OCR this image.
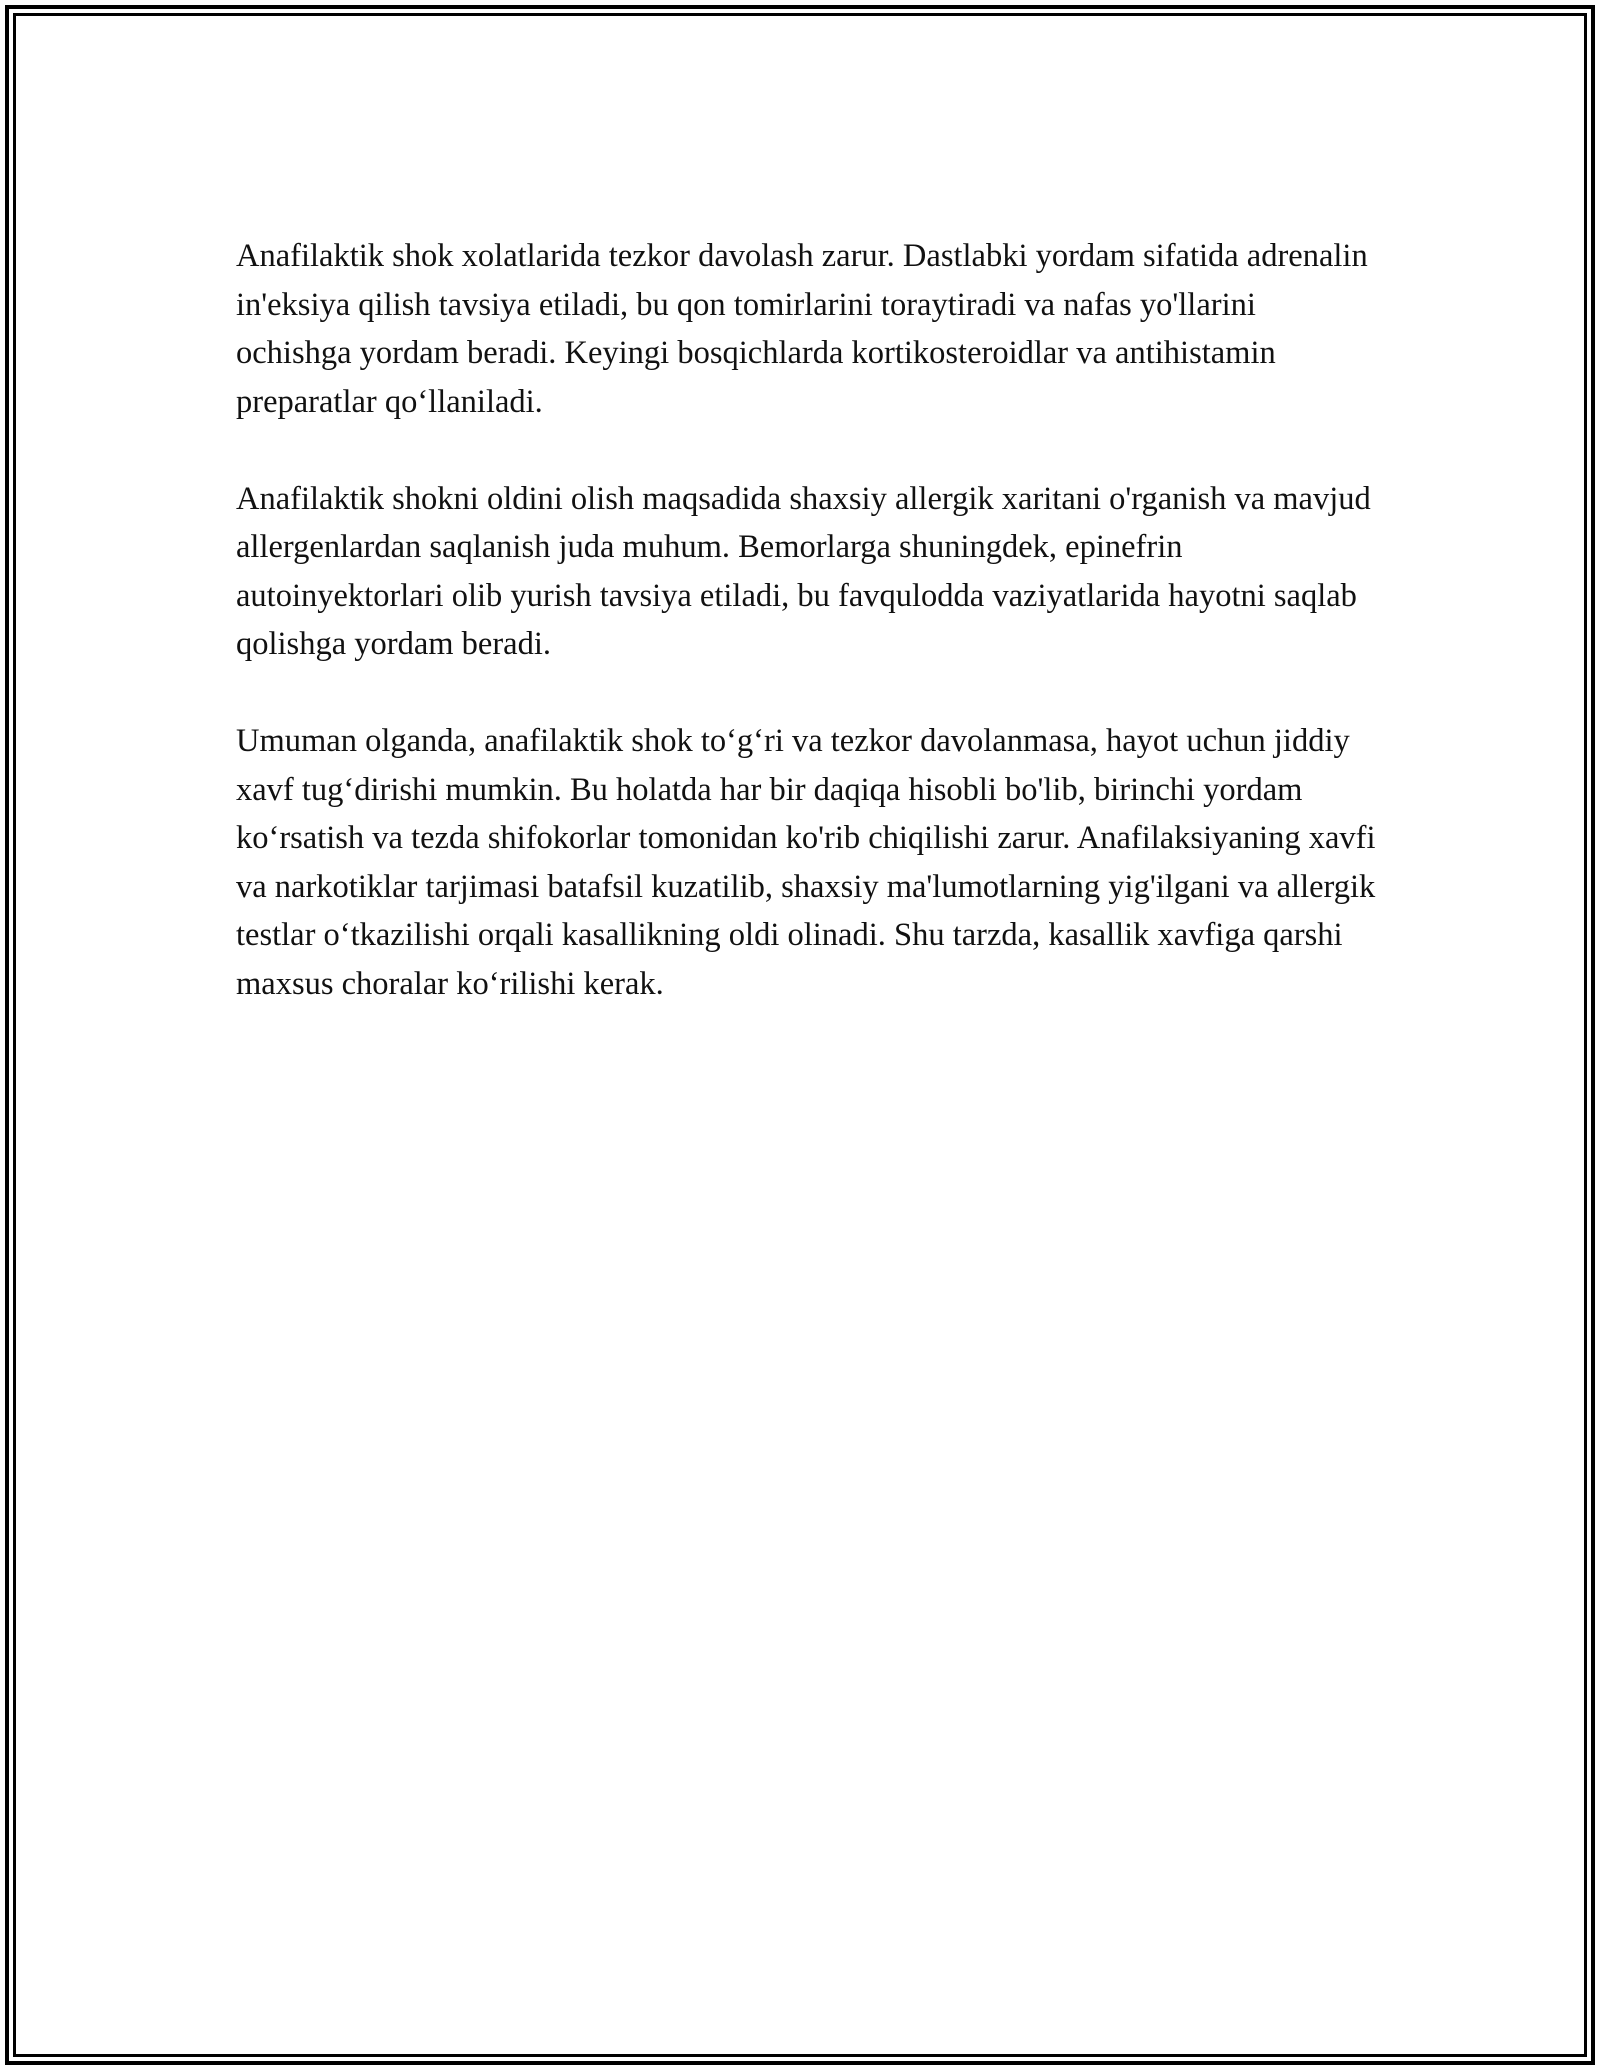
Anafilaktik shok xolatlarida tezkor davolash zarur. Dastlabki yordam sifatida adrenalin in'eksiya qilish tavsiya etiladi, bu qon tomirlarini toraytiradi va nafas yo'llarini ochishga yordam beradi. Keyingi bosqichlarda kortikosteroidlar va antihistamin preparatlar qo‘llaniladi.

Anafilaktik shokni oldini olish maqsadida shaxsiy allergik xaritani o'rganish va mavjud allergenlardan saqlanish juda muhum. Bemorlarga shuningdek, epinefrin autoinyektorlari olib yurish tavsiya etiladi, bu favqulodda vaziyatlarida hayotni saqlab qolishga yordam beradi.

Umuman olganda, anafilaktik shok to‘g‘ri va tezkor davolanmasa, hayot uchun jiddiy xavf tug‘dirishi mumkin. Bu holatda har bir daqiqa hisobli bo'lib, birinchi yordam ko‘rsatish va tezda shifokorlar tomonidan ko'rib chiqilishi zarur. Anafilaksiyaning xavfi va narkotiklar tarjimasi batafsil kuzatilib, shaxsiy ma'lumotlarning yig'ilgani va allergik testlar o‘tkazilishi orqali kasallikning oldi olinadi. Shu tarzda, kasallik xavfiga qarshi maxsus choralar ko‘rilishi kerak.
